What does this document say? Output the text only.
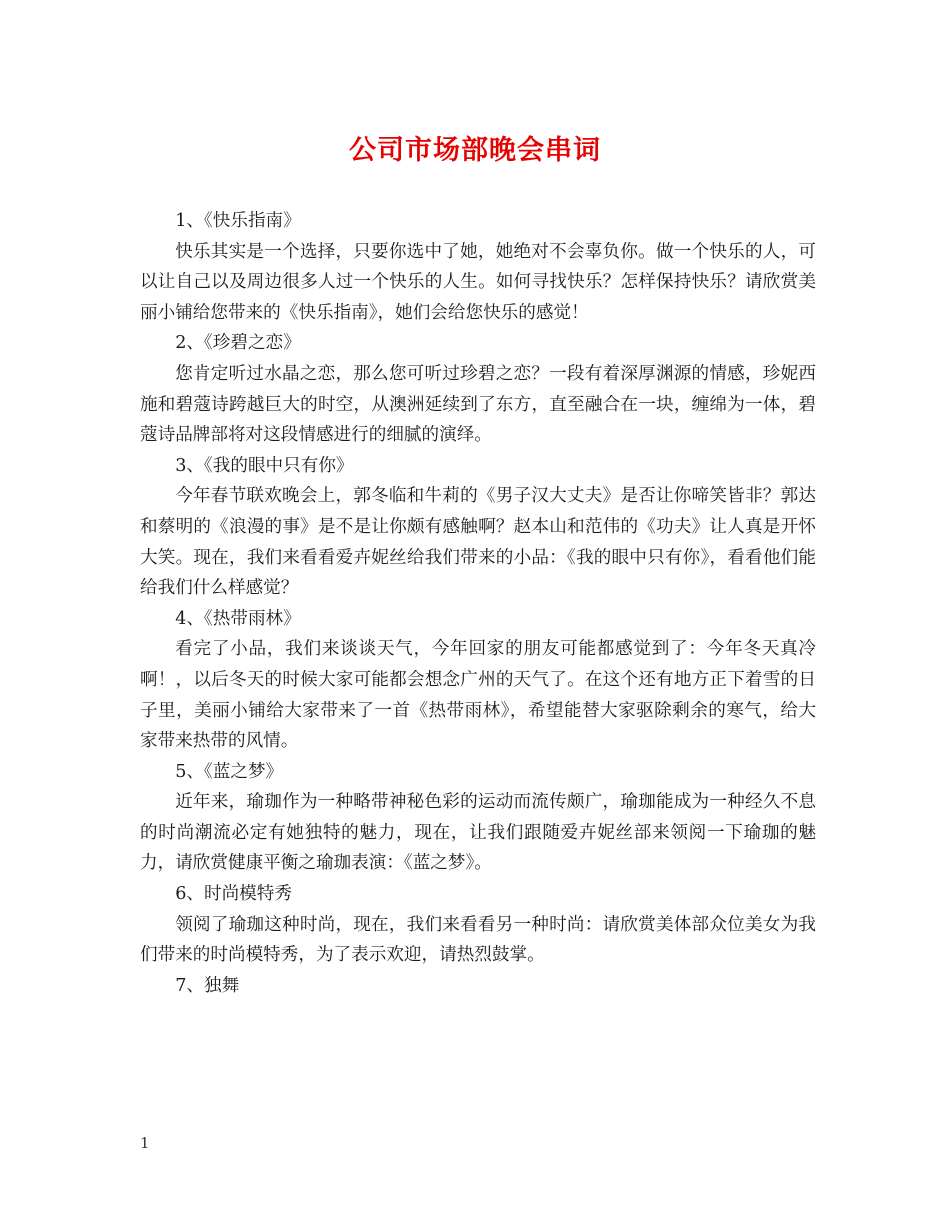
公司市场部晚会串词

1、《快乐指南》

快乐其实是一个选择，只要你选中了她，她绝对不会辜负你。做一个快乐的人，可以让自己以及周边很多人过一个快乐的人生。如何寻找快乐？怎样保持快乐？请欣赏美丽小铺给您带来的《快乐指南》，她们会给您快乐的感觉！

2、《珍碧之恋》

您肯定听过水晶之恋，那么您可听过珍碧之恋？一段有着深厚渊源的情感，珍妮西施和碧蔻诗跨越巨大的时空，从澳洲延续到了东方，直至融合在一块，缠绵为一体，碧蔻诗品牌部将对这段情感进行的细腻的演绎。

3、《我的眼中只有你》

今年春节联欢晚会上，郭冬临和牛莉的《男子汉大丈夫》是否让你啼笑皆非？郭达和蔡明的《浪漫的事》是不是让你颇有感触啊？赵本山和范伟的《功夫》让人真是开怀大笑。现在，我们来看看爱卉妮丝给我们带来的小品：《我的眼中只有你》，看看他们能给我们什么样感觉？

4、《热带雨林》

看完了小品，我们来谈谈天气，今年回家的朋友可能都感觉到了：今年冬天真冷啊！，以后冬天的时候大家可能都会想念广州的天气了。在这个还有地方正下着雪的日子里，美丽小铺给大家带来了一首《热带雨林》，希望能替大家驱除剩余的寒气，给大家带来热带的风情。

5、《蓝之梦》

近年来，瑜珈作为一种略带神秘色彩的运动而流传颇广，瑜珈能成为一种经久不息的时尚潮流必定有她独特的魅力，现在，让我们跟随爱卉妮丝部来领阅一下瑜珈的魅力，请欣赏健康平衡之瑜珈表演：《蓝之梦》。

6、时尚模特秀

领阅了瑜珈这种时尚，现在，我们来看看另一种时尚：请欣赏美体部众位美女为我们带来的时尚模特秀，为了表示欢迎，请热烈鼓掌。

7、独舞

1
